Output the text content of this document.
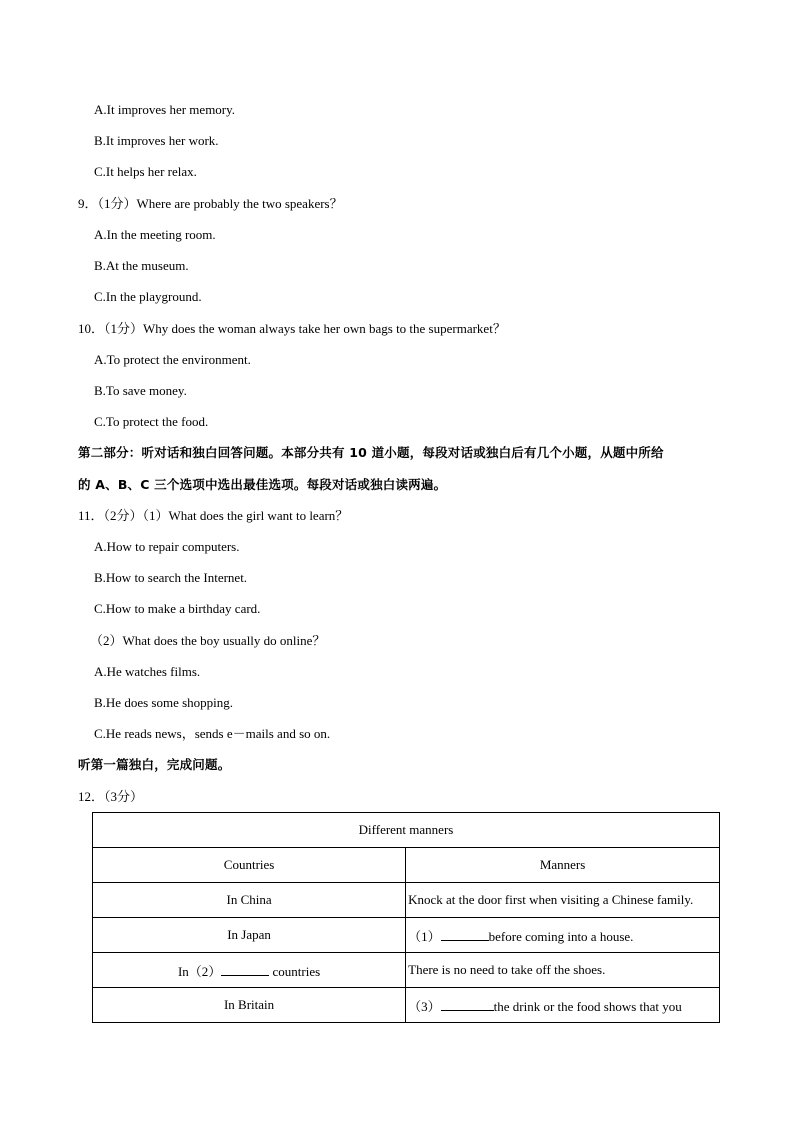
A.It improves her memory.
B.It improves her work.
C.It helps her relax.
9．（1分）Where are probably the two speakers？
A.In the meeting room.
B.At the museum.
C.In the playground.
10．（1分）Why does the woman always take her own bags to the supermarket？
A.To protect the environment.
B.To save money.
C.To protect the food.
第二部分：听对话和独白回答问题。本部分共有 10 道小题，每段对话或独白后有几个小题，从题中所给
的 A、B、C 三个选项中选出最佳选项。每段对话或独白读两遍。
11．（2分）（1）What does the girl want to learn？
A.How to repair computers.
B.How to search the Internet.
C.How to make a birthday card.
（2）What does the boy usually do online？
A.He watches films.
B.He does some shopping.
C.He reads news，sends e－mails and so on.
听第一篇独白，完成问题。
12．（3分）
Different manners	
Countries	Manners
In China	Knock at the door first when visiting a Chinese family.
In Japan	（1） before coming into a house.
In（2） countries	There is no need to take off the shoes.
In Britain	（3） the drink or the food shows that you
